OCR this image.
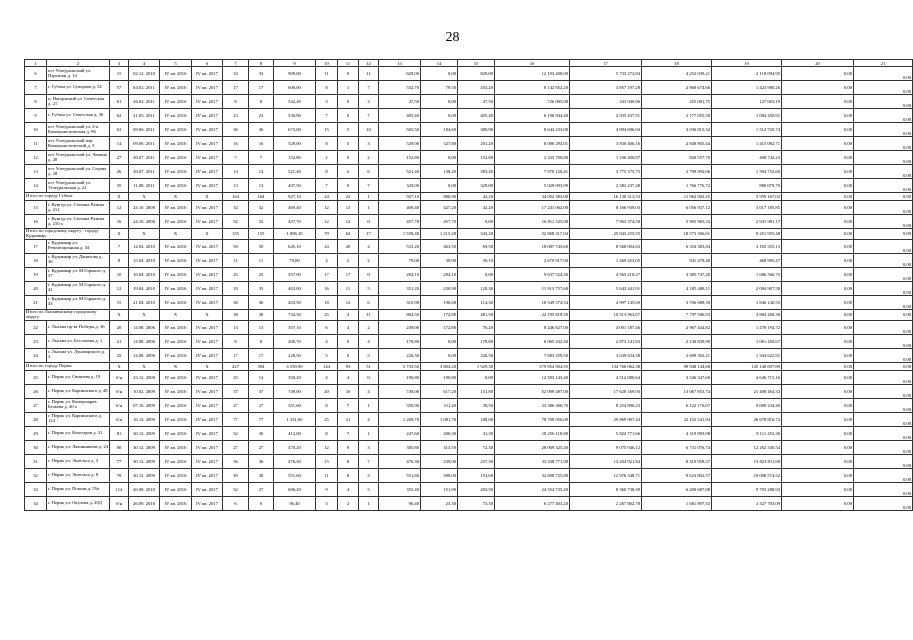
28
1	2	3	4	5	6	7	8	9	10	11	12	13	14	15	16	17	18	19	20	21
6	пгт Углеуральский ул. Партизан д. 14	15	02.12. 2010	IV кв. 2016	IV кв. 2017	33	33	909,00	11	0	11	829,00	0,00	829,00	12 103 408,00	5 733 273,84	4 252 039,21	2 118 094,95	0,00	0,00
7	г. Губаха ул. Суворова д. 52	57	04.02. 2011	IV кв. 2016	IV кв. 2017	17	17	600,00	8	1	7	532,70	79,50	453,20	8 142 852,20	3 857 197,28	2 860 674,66	1 424 980,26	0,00	0,00
8	п. Нагорнский ул. Советская д. 21	61	26.02. 2011	IV кв. 2016	IV кв. 2017	8	8	542,20	3	0	3	47,50	0,00	47,50	726 085,00	343 940,06	255 081,75	127 063,19	0,00	0,00
9	г. Губаха ул. Советская д. 36	62	21.03. 2011	IV кв. 2016	IV кв. 2017	23	23	530,90	7	0	7	405,40	0,00	405,40	6 196 944,40	2 935 437,91	2 177 055,58	1 084 450,91	0,00	0,00
10	пгт Углеуральский ул. 2-я Коммунистическая д. 96	63	09.06. 2011	IV кв. 2016	IV кв. 2017	36	36	673,00	15	5	10	565,50	184,60	380,90	8 644 233,00	4 094 696,94	3 036 815,32	1 512 720,74	0,00	0,00
11	пгт Углеуральский пер. Коммунистический д. 3	14	09.06. 2011	IV кв. 2016	IV кв. 2017	16	16	529,00	8	5	3	529,00	327,80	201,20	8 086 294,01	3 830 406,16	2 840 805,44	1 415 082,71	0,00	0,00
12	пгт Углеуральский ул. Ленина д. 20	27	30.07. 2011	IV кв. 2016	IV кв. 2017	7	7	152,80	2	0	2	152,80	0,00	152,80	2 335 700,80	1 106 400,87	820 557,70	408 742,23	0,00	0,00
13	пгт Углеуральский ул. Серова д. 28	26	30.07. 2011	IV кв. 2016	IV кв. 2017	14	14	521,40	8	2	6	521,40	138,20	383,20	7 970 120,41	3 775 375,75	2 799 992,06	1 394 752,60	0,00	0,00
14	пгт Углеуральский ул. Углеуральская д. 22	35	11.08. 2011	IV кв. 2016	IV кв. 2017	13	13	407,50	7	0	7	329,00	0,00	329,00	5 029 093,99	2 382 237,48	1 766 776,72	880 079,79	0,00	0,00
Итого по городу Губаха		X	X	X	X	164	164	927,10	24	23	1	927,10	886,90	42,20	34 052 383,00	16 130 313,53	11 962 902,45	5 959 167,02	0,00	0,00
15	г. Кунгур ул. Степана Разина д. 212	12	24.10. 2008	IV кв. 2016	IV кв. 2017	32	32	469,40	12	13	1	469,40	427,20	42,20	17 241 062,00	8 166 939,03	6 056 937,12	3 017 185,85	0,00	0,00
16	г. Кунгур ул. Степана Разина д. 210 а	16	24.10. 2008	IV кв. 2016	IV кв. 2017	32	32	457,70	12	12	0	457,70	457,70	0,00	16 811 525,00	7 963 374,50	5 905 965,33	2 941 981,17	0,00	0,00
Итого по городскому округу - городу Кудымкар:		X	X	X	X	155	155	1 886,10	79	62	17	1 558,48	1 215,28	343,20	52 868 317,04	25 043 255,55	18 573 306,01	9 251 955,48	0,00	0,00
17	г. Кудымкар ул. Революционная д. 34	7	14.04. 2010	IV кв. 2016	IV кв. 2017	50	50	645,10	24	20	4	533,20	463,50	69,50	18 087 743,60	8 568 004,63	6 354 383,84	3 165 355,13	0,00	0,00
18	г. Кудымкар ул. Данилова д. 36	8	15.04. 2010	IV кв. 2016	IV кв. 2017	11	11	79,00	4	2	2	79,00	39,90	39,10	2 679 917,00	1 269 453,05	941 478,48	468 985,47	0,00	0,00
19	г. Кудымкар ул. М.Горького д. 37	10	16.04. 2010	IV кв. 2016	IV кв. 2017	25	25	357,00	17	17	0	284,10	284,10	0,00	9 637 524,30	4 565 210,27	3 385 747,28	1 686 566,75	0,00	0,00
20	г. Кудымкар ул. М.Горького д. 41	12	19.04. 2010	IV кв. 2016	IV кв. 2017	33	33	403,00	16	11	5	351,20	230,90	120,30	11 913 757,60	5 643 441,91	4 185 408,11	2 084 907,58	0,00	0,00
21	г. Кудымкар ул. М.Горького д. 43	15	21.04. 2010	IV кв. 2016	IV кв. 2017	36	36	403,50	18	12	6	310,98	196,68	114,30	10 549 374,54	4 997 145,69	3 706 088,30	1 846 140,55	0,00	0,00
Итого по Лысьвенскому городскому округу		X	X	X	X	38	38	734,50	25	4	11	864,50	172,80	481,50	22 195 818,50	10 513 963,67	7 797 586,93	3 884 268,30	0,00	0,00
22	г. Лысьва пр-кт Победы д. 36	20	14.08. 2006	IV кв. 2016	IV кв. 2017	13	13	307,10	6	4	2	249,00	172,80	76,20	8 446 827,00	4 001 187,46	2 967 444,82	1 478 194,72	0,00	0,00
23	г. Лысьва ул. Бессонова д. 1	21	14.08. 2006	IV кв. 2016	IV кв. 2017	8	8	200,70	4	0	4	178,80	0,00	178,80	6 065 432,40	2 873 141,83	2 130 839,90	1 061 450,67	0,00	0,00
24	г. Лысьва ул. Луначарского д. 3	25	14.08. 2006	IV кв. 2016	IV кв. 2017	17	17	226,50	5	0	5	226,50	0,00	226,50	7 683 559,50	3 639 634,38	2 699 302,21	1 344 622,91	0,00	0,00
Итого по городу Пермь		X	X	X	X	427	394	6 539,90	144	93	51	5 733,50	3 804,20	1 929,30	379 854 904,95	134 766 062,38	99 948 144,68	145 140 697,89	0,00	0,00
25	г. Пермь ул. Свиязева д. 19	б/н	23.12. 2008	IV кв. 2016	IV кв. 2017	25	14	350,20	4	4	0	190,80	190,80	0,00	12 593 143,40	4 512 080,64	3 346 347,60	4 646 715,16	0,00	0,00
26	г. Пермь ул. Карпинского д. 48	б/н	10.02. 2009	IV кв. 2016	IV кв. 2017	37	37	749,00	20	16	4	749,00	617,20	131,80	52 099 487,00	17 620 169,93	13 067 853,74	21 408 464,33	0,00	0,00
27	г. Пермь ул. Коммунаров Бельева д. 40 а	б/н	07.10. 2009	IV кв. 2016	IV кв. 2017	27	27	351,60	8	7	1	350,90	311,40	39,50	23 386 306,70	8 254 896,23	6 122 176,07	9 009 234,40	0,00	0,00
28	г. Пермь ул. Карпинского д. 124	б/н	16.12. 2009	IV кв. 2016	IV кв. 2017	77	77	1 331,60	25	21	4	1 269,70	1 081,70	188,00	78 700 956,00	29 869 907,44	22 152 541,94	26 678 816,72	0,00	0,00
29	г. Пермь ул. Кочегаров д. 31	81	30.12. 2009	IV кв. 2016	IV кв. 2017	32	30	412,00	8	7	1	247,60	206,30	41,30	18 256 118,80	5 824 771,66	4 319 893,98	8 111 453,36	0,00	0,00
30	г. Пермь ул. Лачинникова д. 24	80	30.12. 2009	IV кв. 2016	IV кв. 2017	27	27	470,20	12	9	3	385,80	313,50	72,30	28 069 325,40	9 075 946,12	6 731 076,74	12 262 330,54	0,00	0,00
31	г. Пермь ул. Энгельса д. 3	77	30.12. 2009	IV кв. 2016	IV кв. 2017	36	36	476,30	15	8	7	476,30	239,00	237,30	33 338 771,90	13 204 921,84	8 310 058,37	13 823 811,69	0,00	0,00
32	г. Пермь ул. Энгельса д. 8	78	30.12. 2009	IV кв. 2016	IV кв. 2017	30	30	551,60	11	8	3	551,60	398,00	153,60	32 608 725,80	12 976 348,71	9 623 802,57	10 008 574,52	0,00	0,00
33	г. Пермь ул. Попова д. 55а	114	26.08. 2010	IV кв. 2016	IV кв. 2017	32	27	606,20	9	4	5	355,40	151,90	203,50	24 354 735,20	8 360 738,39	6 200 687,88	9 793 288,93	0,00	0,00
34	г. Пермь ул. Окулова д. 20Д	б/н	26.09. 2010	IV кв. 2016	IV кв. 2017	6	6	96,40	3	2	1	96,40	23,30	73,30	6 277 403,20	2 267 802,78	1 681 897,33	2 327 703,09	0,00	0,00
